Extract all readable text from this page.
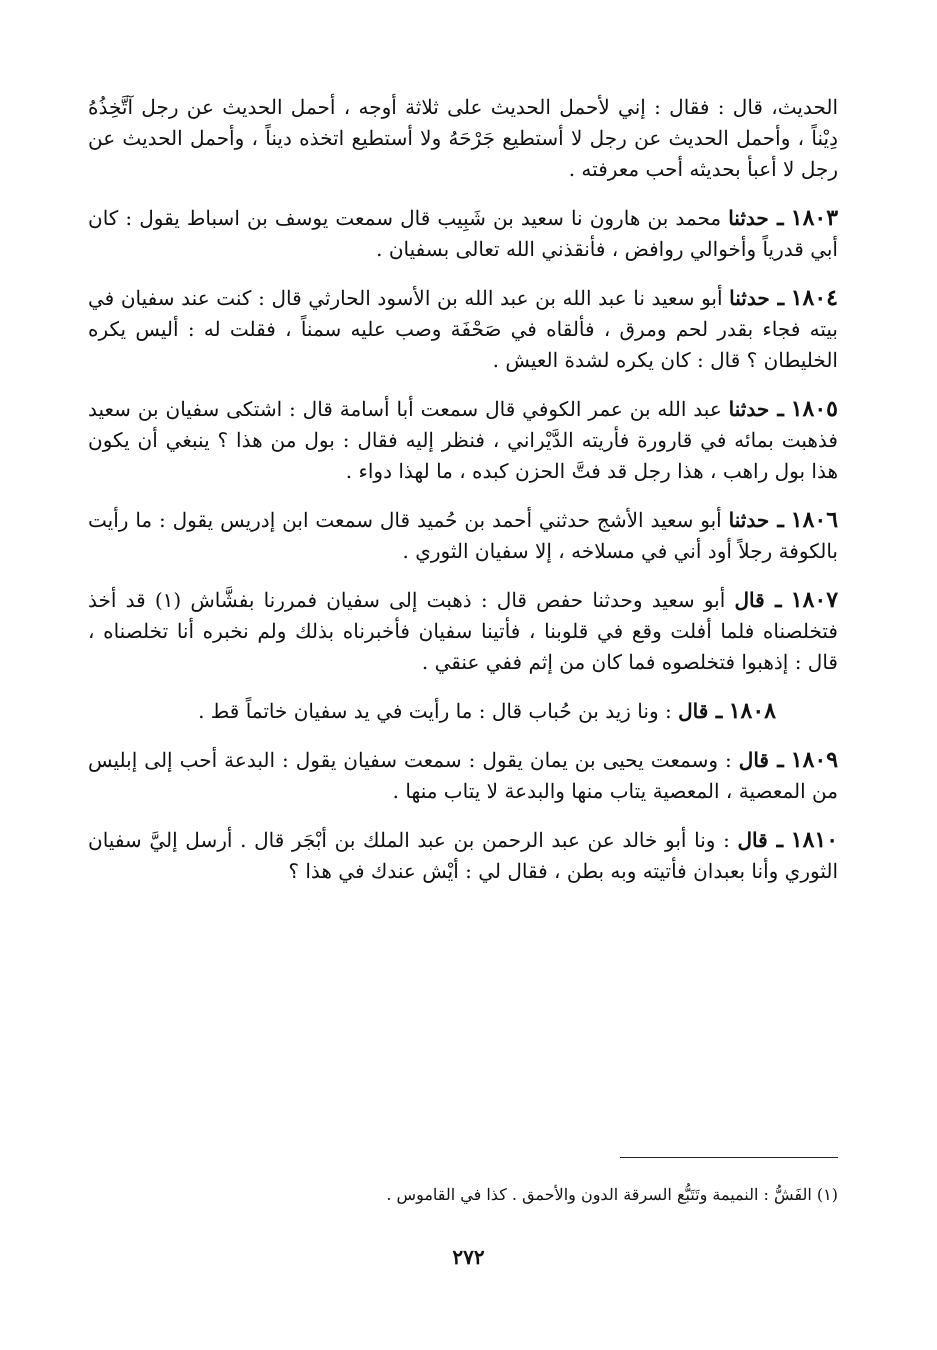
الحديث، قال : فقال : إني لأحمل الحديث على ثلاثة أوجه ، أحمل الحديث عن رجل آتَّخِذُهُ دِيْناً ، وأحمل الحديث عن رجل لا أستطيع جَرْحَهُ ولا أستطيع اتخذه ديناً ، وأحمل الحديث عن رجل لا أعبأ بحديثه أحب معرفته .

١٨٠٣ ـ حدثنا محمد بن هارون نا سعيد بن شَبِيب قال سمعت يوسف بن اسباط يقول : كان أبي قدرياً وأخوالي روافض ، فأنقذني الله تعالى بسفيان .

١٨٠٤ ـ حدثنا أبو سعيد نا عبد الله بن عبد الله بن الأسود الحارثي قال : كنت عند سفيان في بيته فجاء بقدر لحم ومرق ، فألقاه في صَحْفَة وصب عليه سمناً ، فقلت له : أليس يكره الخليطان ؟ قال : كان يكره لشدة العيش .

١٨٠٥ ـ حدثنا عبد الله بن عمر الكوفي قال سمعت أبا أسامة قال : اشتكى سفيان بن سعيد فذهبت بمائه في قارورة فأريته الدَّيْراني ، فنظر إليه فقال : بول من هذا ؟ ينبغي أن يكون هذا بول راهب ، هذا رجل قد فتَّ الحزن كبده ، ما لهذا دواء .

١٨٠٦ ـ حدثنا أبو سعيد الأشج حدثني أحمد بن حُميد قال سمعت ابن إدريس يقول : ما رأيت بالكوفة رجلاً أود أني في مسلاخه ، إلا سفيان الثوري .

١٨٠٧ ـ قال أبو سعيد وحدثنا حفص قال : ذهبت إلى سفيان فمررنا بفشَّاش (١) قد أخذ فتخلصناه فلما أفلت وقع في قلوبنا ، فأتينا سفيان فأخبرناه بذلك ولم نخبره أنا تخلصناه ، قال : إذهبوا فتخلصوه فما كان من إثم ففي عنقي .

١٨٠٨ ـ قال : ونا زيد بن حُباب قال : ما رأيت في يد سفيان خاتماً قط .

١٨٠٩ ـ قال : وسمعت يحيى بن يمان يقول : سمعت سفيان يقول : البدعة أحب إلى إبليس من المعصية ، المعصية يتاب منها والبدعة لا يتاب منها .

١٨١٠ ـ قال : ونا أبو خالد عن عبد الرحمن بن عبد الملك بن أبْجَر قال . أرسل إليَّ سفيان الثوري وأنا بعبدان فأتيته وبه بطن ، فقال لي : أيْش عندك في هذا ؟

(١) الفَشُّ : النميمة وتَتَبُّع السرقة الدون والأحمق . كذا في القاموس .
٢٧٢
